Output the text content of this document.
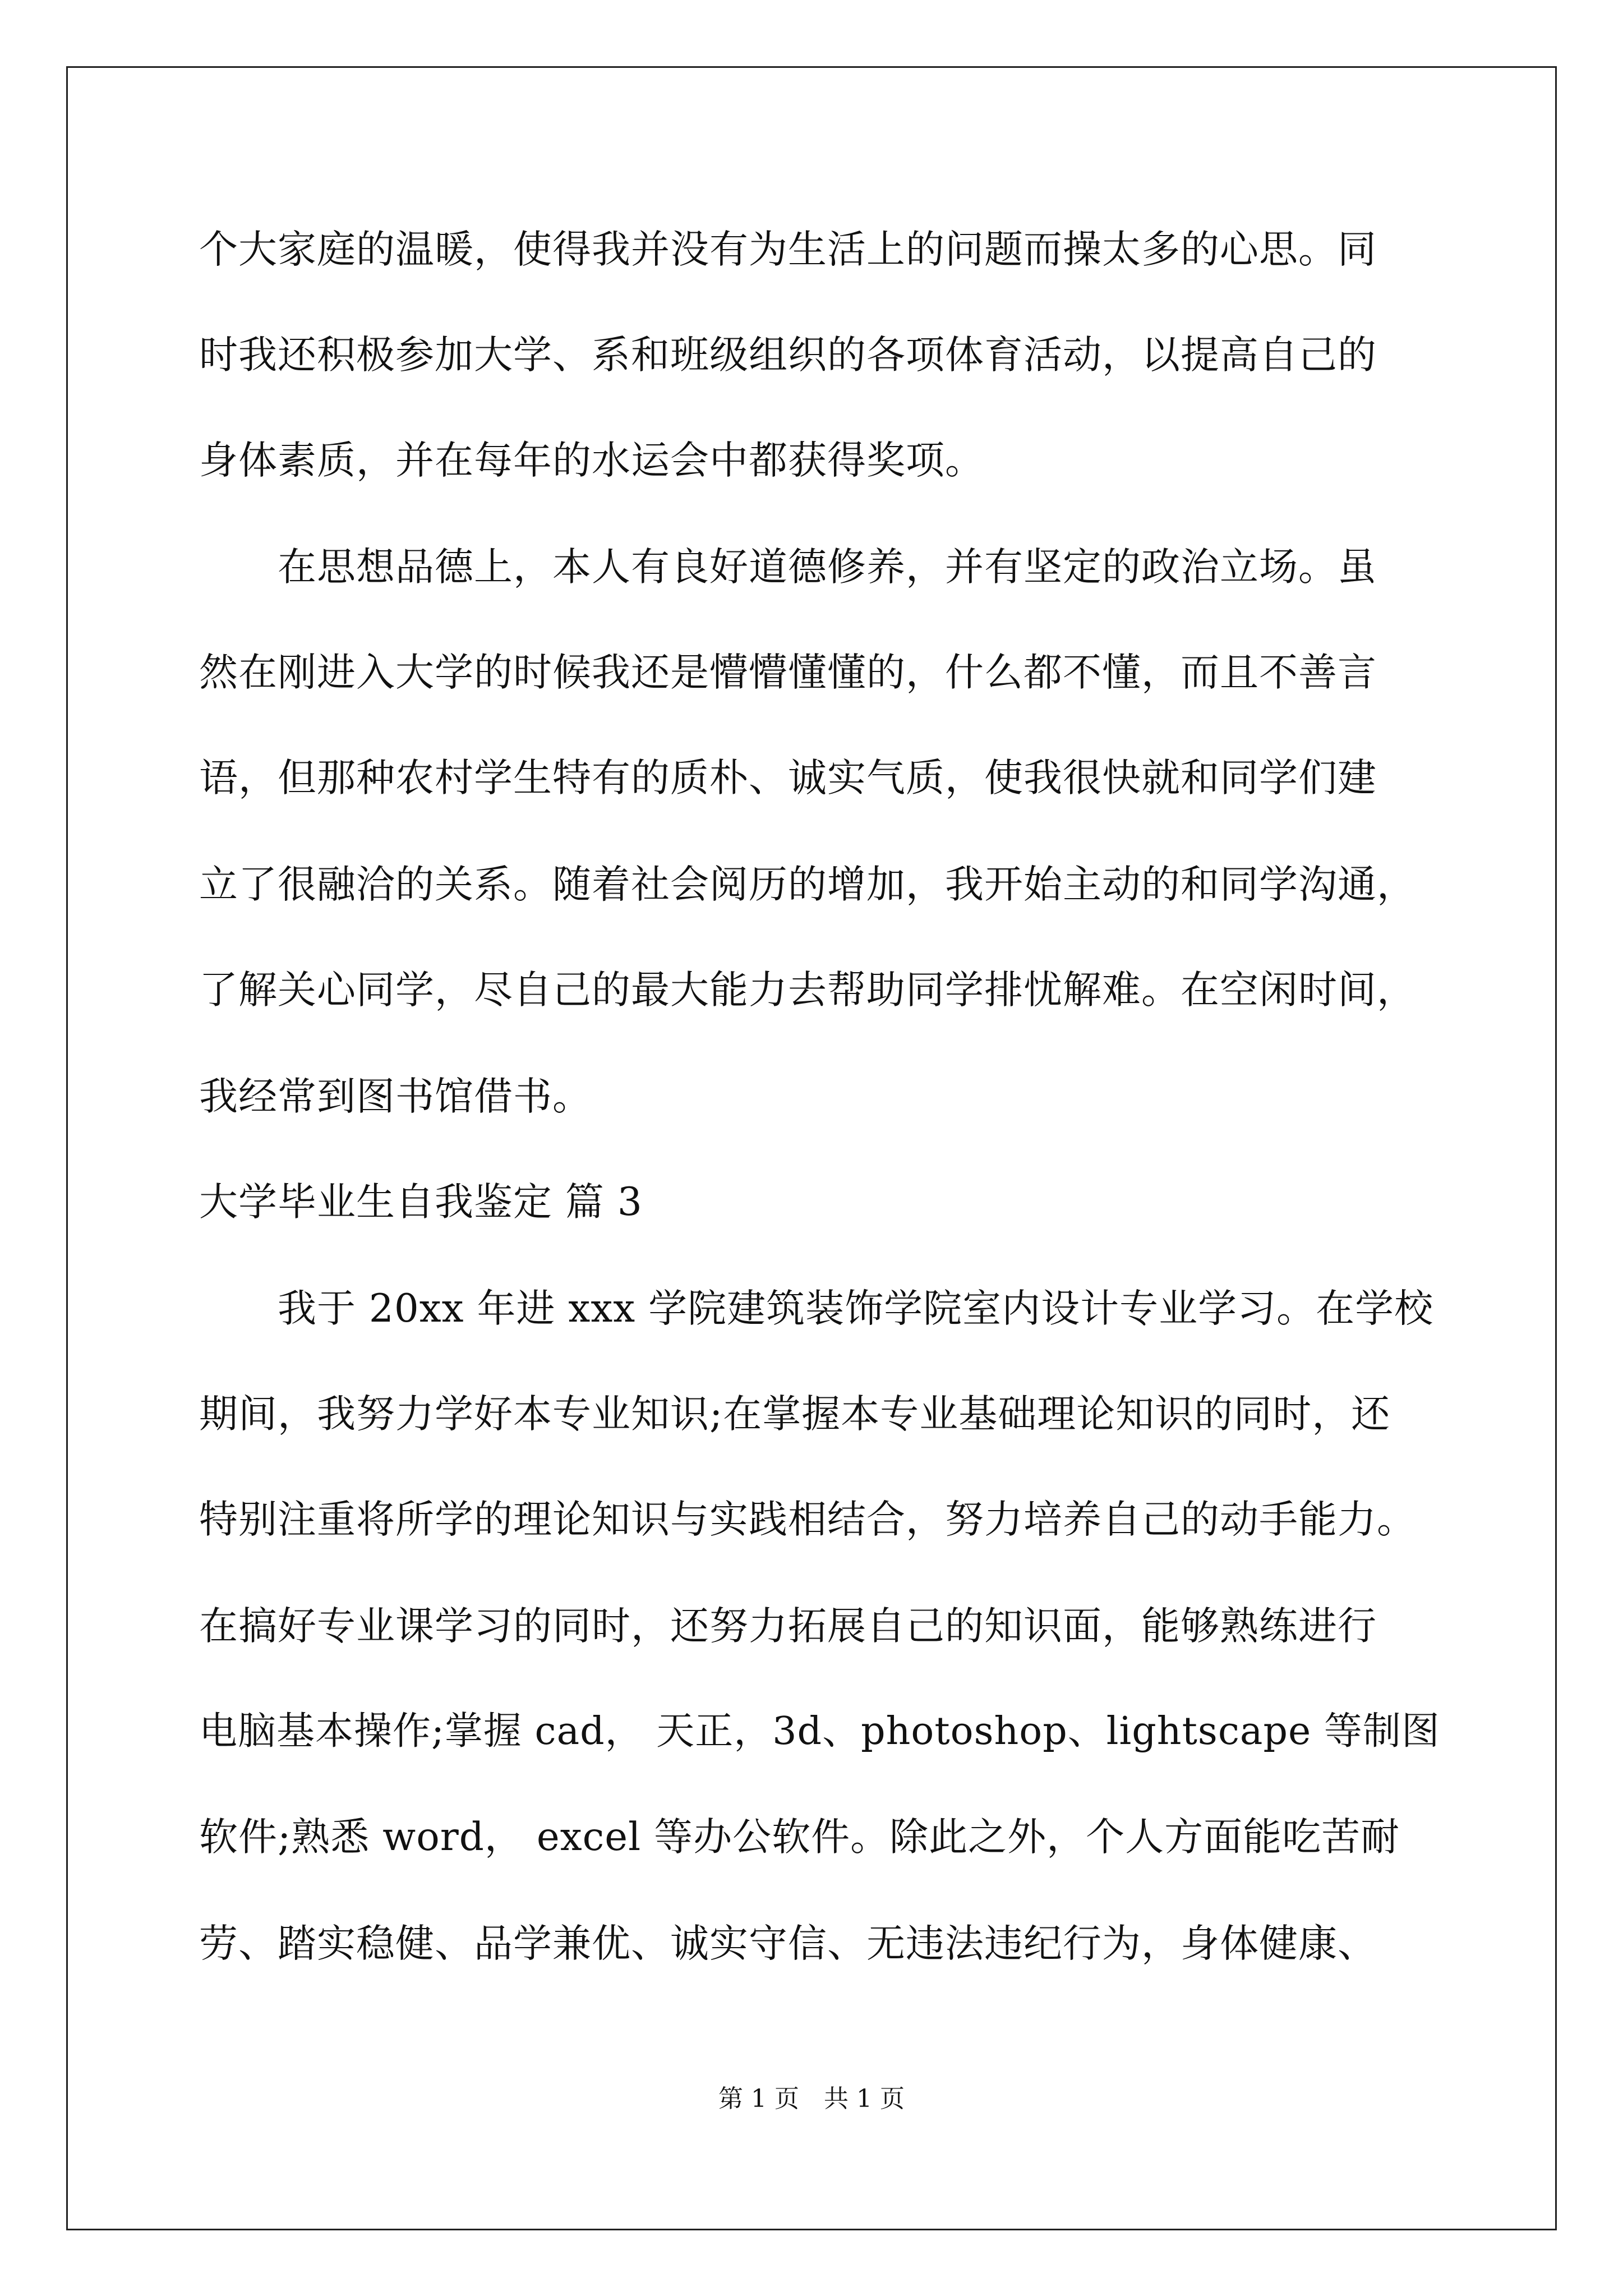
个大家庭的温暖，使得我并没有为生活上的问题而操太多的心思。同
时我还积极参加大学、系和班级组织的各项体育活动，以提高自己的
身体素质，并在每年的水运会中都获得奖项。
　　在思想品德上，本人有良好道德修养，并有坚定的政治立场。虽
然在刚进入大学的时候我还是懵懵懂懂的，什么都不懂，而且不善言
语，但那种农村学生特有的质朴、诚实气质，使我很快就和同学们建
立了很融洽的关系。随着社会阅历的增加，我开始主动的和同学沟通，
了解关心同学，尽自己的最大能力去帮助同学排忧解难。在空闲时间，
我经常到图书馆借书。
大学毕业生自我鉴定 篇 3
　　我于 20xx 年进 xxx 学院建筑装饰学院室内设计专业学习。在学校
期间，我努力学好本专业知识;在掌握本专业基础理论知识的同时，还
特别注重将所学的理论知识与实践相结合，努力培养自己的动手能力。
在搞好专业课学习的同时，还努力拓展自己的知识面，能够熟练进行
电脑基本操作;掌握 cad， 天正，3d、photoshop、lightscape 等制图
软件;熟悉 word， excel 等办公软件。除此之外，个人方面能吃苦耐
劳、踏实稳健、品学兼优、诚实守信、无违法违纪行为，身体健康、
第 1 页　共 1 页
